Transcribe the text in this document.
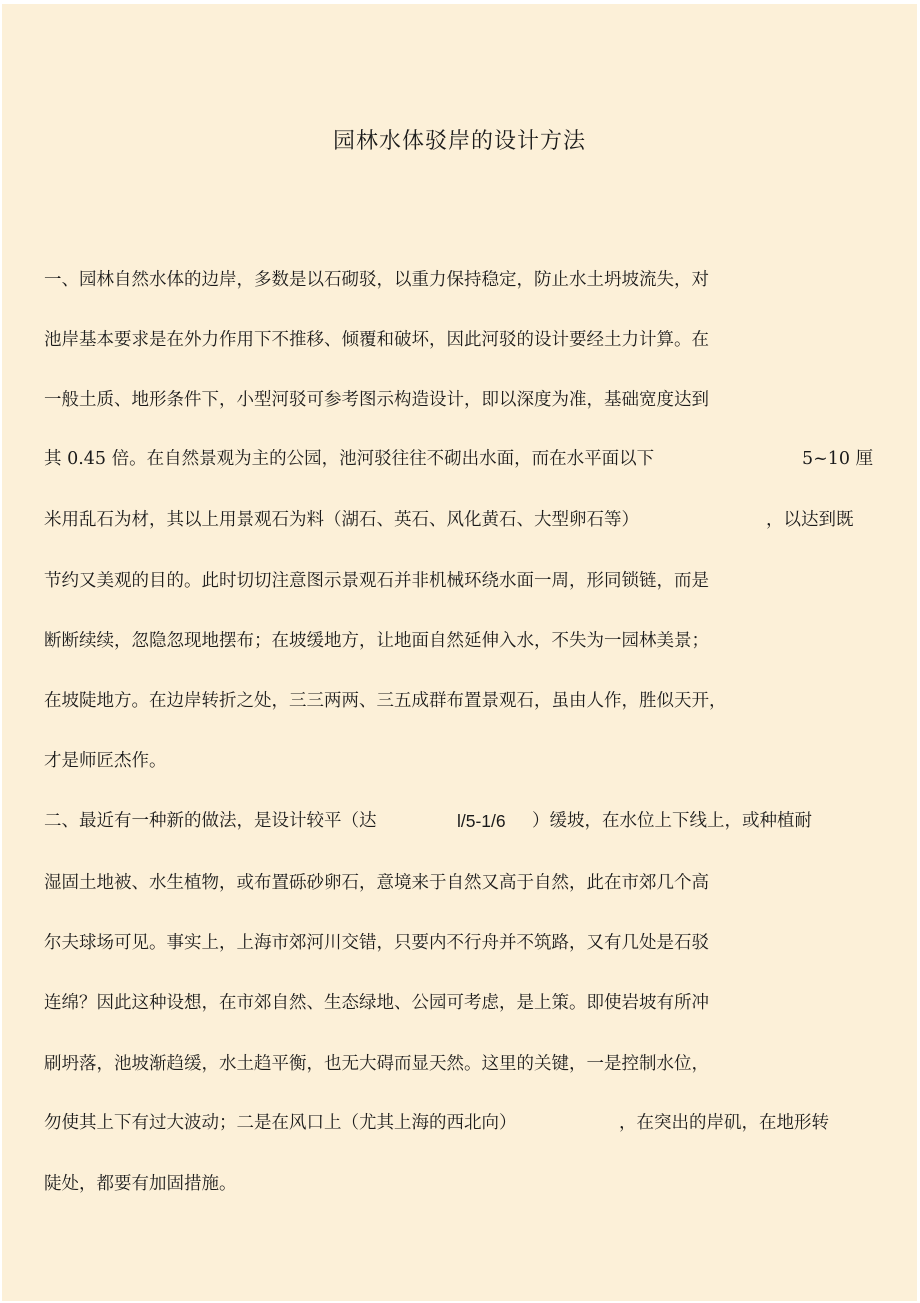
园林水体驳岸的设计方法
一、园林自然水体的边岸，多数是以石砌驳，以重力保持稳定，防止水土坍坡流失，对
池岸基本要求是在外力作用下不推移、倾覆和破坏，因此河驳的设计要经土力计算。在
一般土质、地形条件下，小型河驳可参考图示构造设计，即以深度为准，基础宽度达到
其 0.45 倍。在自然景观为主的公园，池河驳往往不砌出水面，而在水平面以下	5~10 厘
米用乱石为材，其以上用景观石为料（湖石、英石、风化黄石、大型卵石等）	，以达到既
节约又美观的目的。此时切切注意图示景观石并非机械环绕水面一周，形同锁链，而是
断断续续，忽隐忽现地摆布；在坡缓地方，让地面自然延伸入水，不失为一园林美景；
在坡陡地方。在边岸转折之处，三三两两、三五成群布置景观石，虽由人作，胜似天开，
才是师匠杰作。
二、最近有一种新的做法，是设计较平（达	l/5-1/6 ）缓坡，在水位上下线上，或种植耐
湿固土地被、水生植物，或布置砾砂卵石，意境来于自然又高于自然，此在市郊几个高
尔夫球场可见。事实上，上海市郊河川交错，只要内不行舟并不筑路，又有几处是石驳
连绵？因此这种设想，在市郊自然、生态绿地、公园可考虑，是上策。即使岩坡有所冲
刷坍落，池坡渐趋缓，水土趋平衡，也无大碍而显天然。这里的关键，一是控制水位，
勿使其上下有过大波动；二是在风口上（尤其上海的西北向）	，在突出的岸矶，在地形转
陡处，都要有加固措施。
